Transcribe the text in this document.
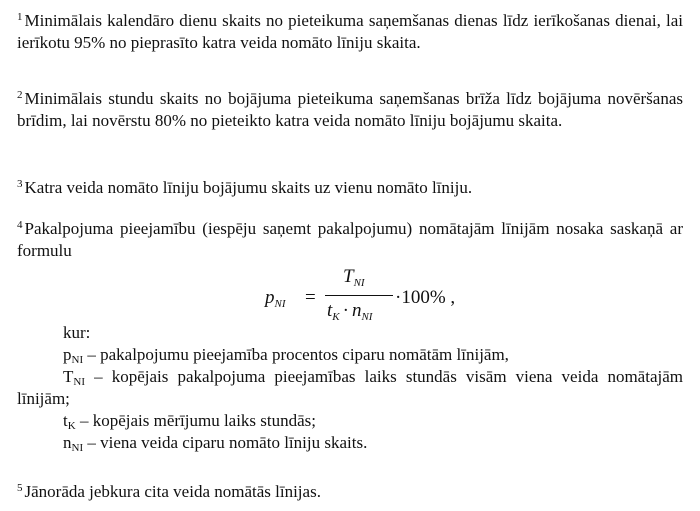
$^1$ Minimālais kalendāro dienu skaits no pieteikuma saņemšanas dienas līdz ierīkošanas dienai, lai ierīkotu 95% no pieprasīto katra veida nomāto līniju skaita.

$^2$ Minimālais stundu skaits no bojājuma pieteikuma saņemšanas brīža līdz bojājuma novēršanas brīdim, lai novērstu 80% no pieteikto katra veida nomāto līniju bojājumu skaita.

$^3$ Katra veida nomāto līniju bojājumu skaits uz vienu nomāto līniju.

$^4$ Pakalpojuma pieejamību (iespēju saņemt pakalpojumu) nomātajām līnijām nosaka saskaņā ar formulu

$p_{NI}$ =
$T_{NI}$
$t_K \cdot n_{NI}$
·100% ,
kur:
$p_{NI}$ – pakalpojumu pieejamība procentos ciparu nomātām līnijām,
$T_{NI}$ – kopējais pakalpojuma pieejamības laiks stundās visām viena veida nomātajām līnijām;
$t_K$ – kopējais mērījumu laiks stundās;
$n_{NI}$ – viena veida ciparu nomāto līniju skaits.

$^5$ Jānorāda jebkura cita veida nomātās līnijas.
